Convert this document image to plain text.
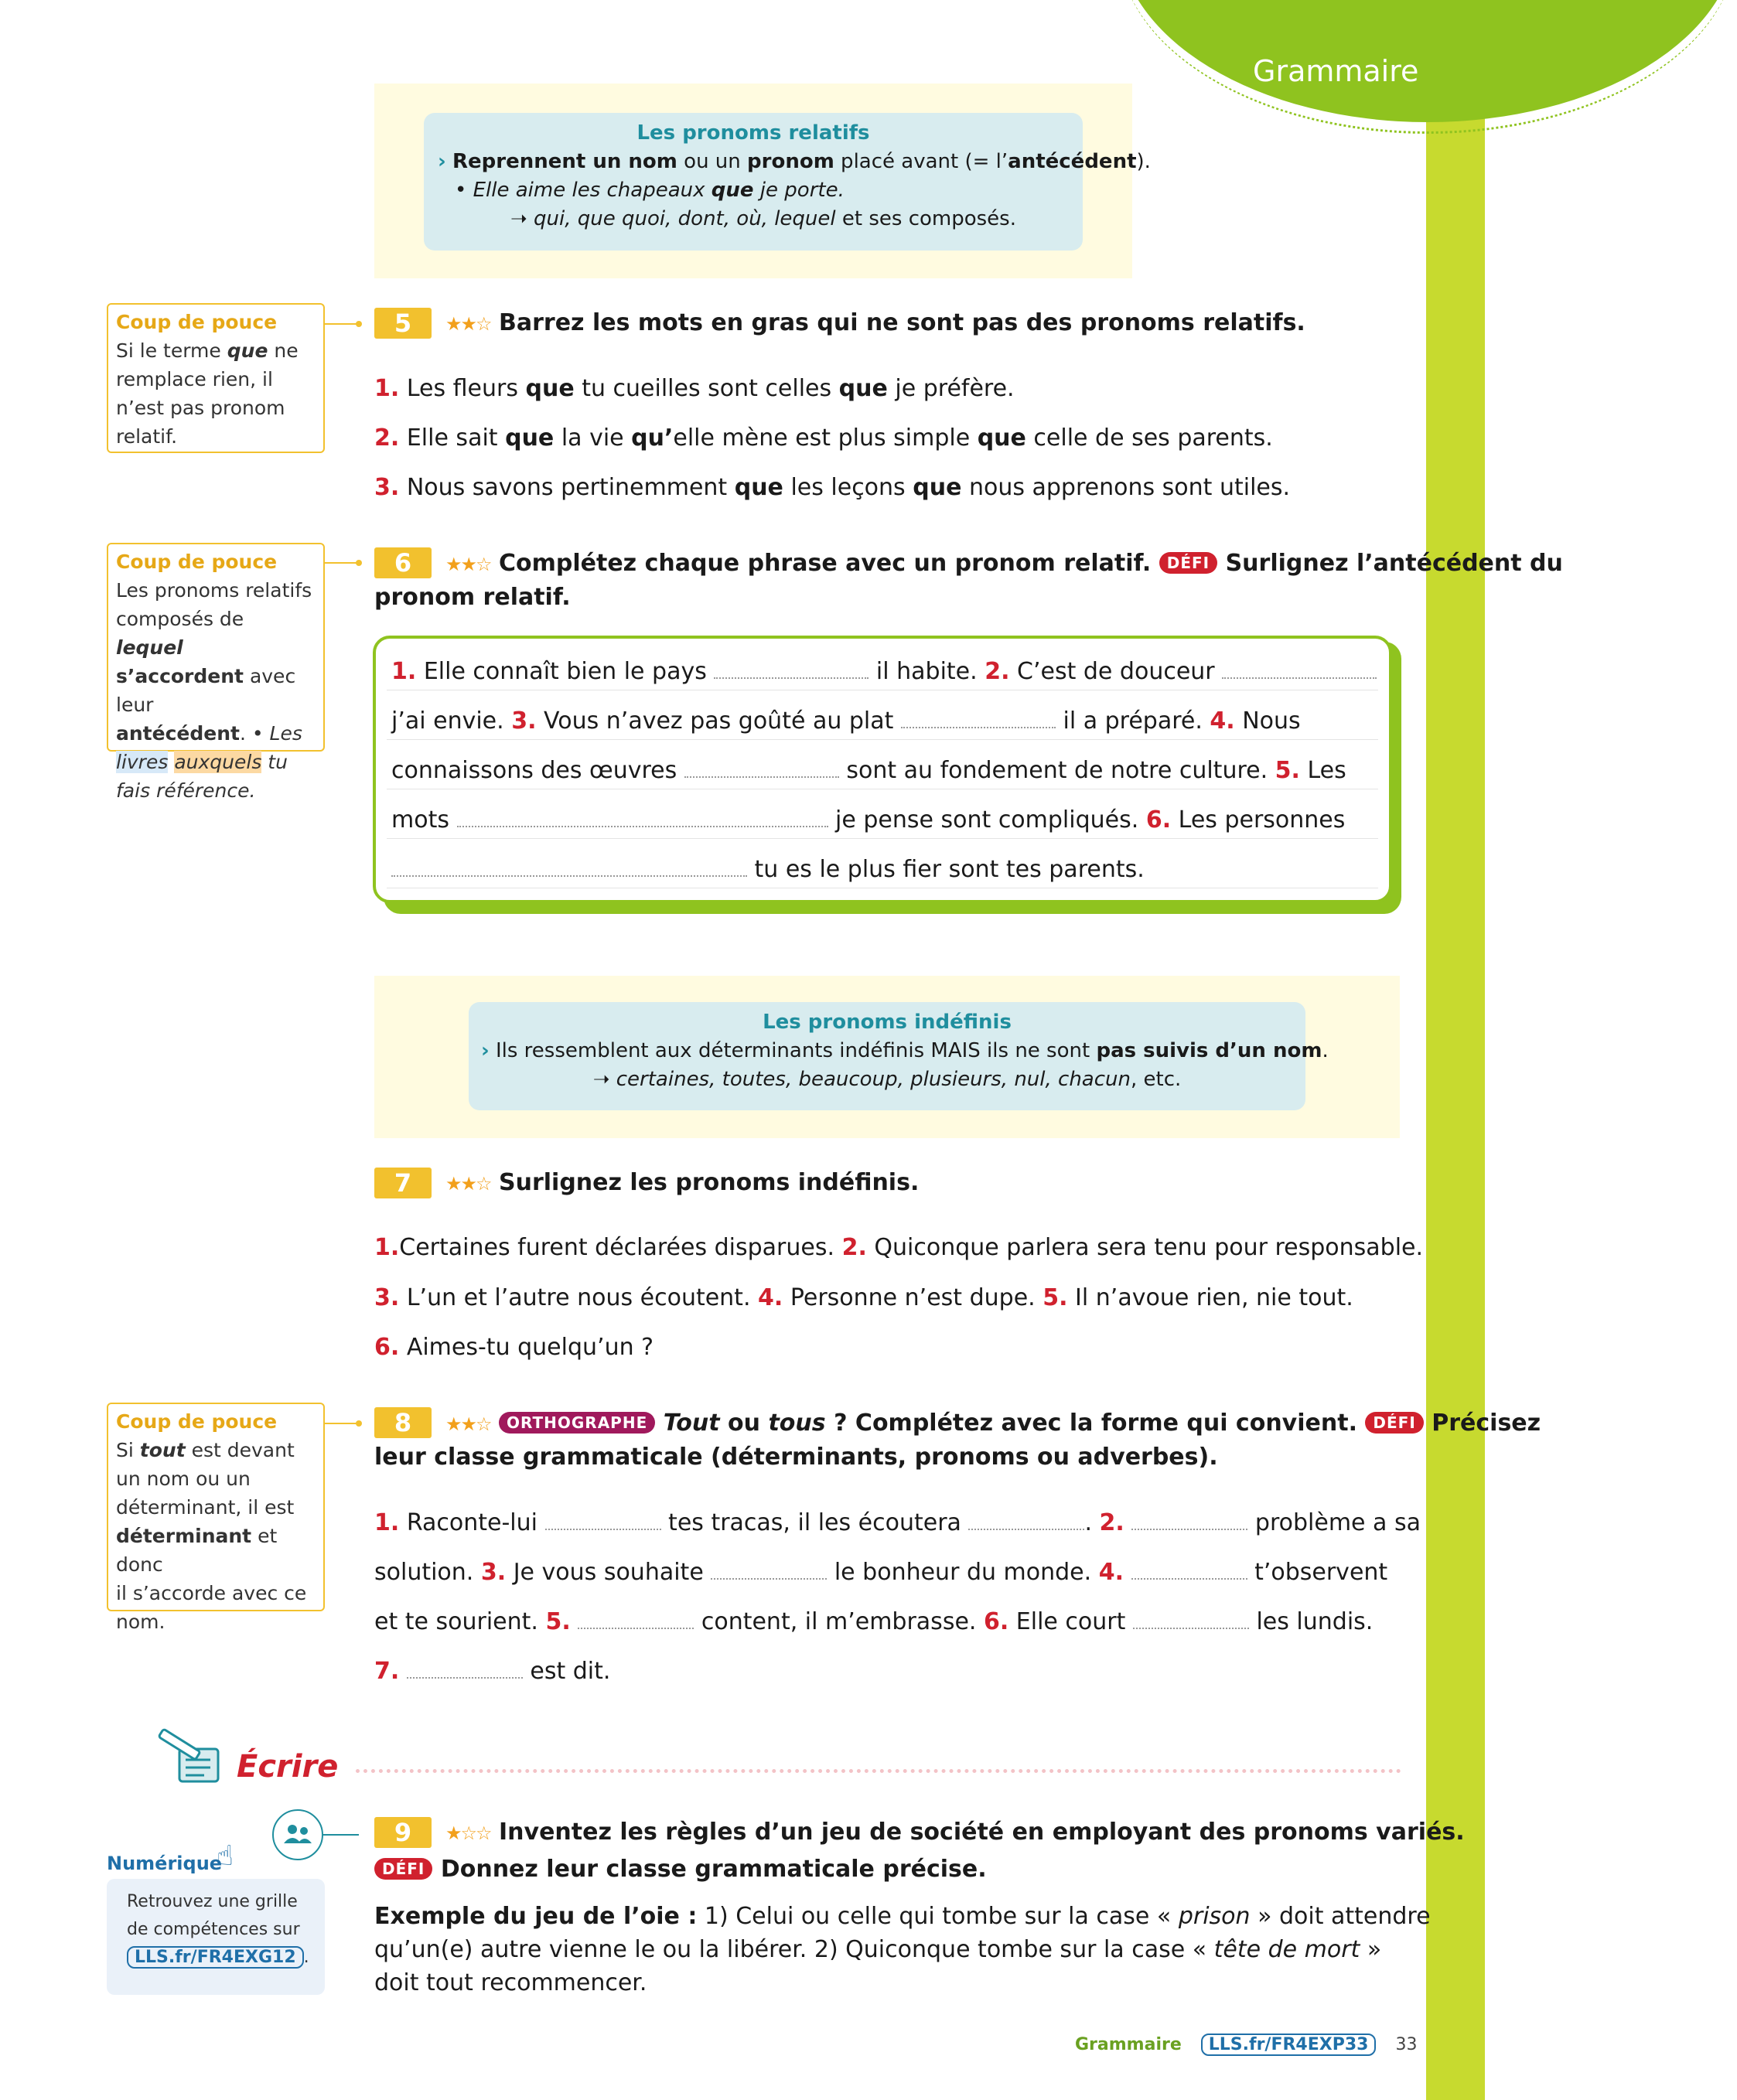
Grammaire
Les pronoms relatifs
› Reprennent un nom ou un pronom placé avant (= l’antécédent).
• Elle aime les chapeaux que je porte.
➝ qui, que quoi, dont, où, lequel et ses composés.
Coup de pouce
Si le terme que ne
remplace rien, il
n’est pas pronom
relatif.
5	★★☆ Barrez les mots en gras qui ne sont pas des pronoms relatifs.
1. Les fleurs que tu cueilles sont celles que je préfère.
2. Elle sait que la vie qu’elle mène est plus simple que celle de ses parents.
3. Nous savons pertinemment que les leçons que nous apprenons sont utiles.
Coup de pouce
Les pronoms relatifs
composés de lequel
s’accordent avec leur
antécédent. • Les
livres auxquels tu
fais référence.
6	★★☆ Complétez chaque phrase avec un pronom relatif. DÉFI Surlignez l’antécédent du
pronom relatif.
1. Elle connaît bien le pays	il habite. 2. C’est de douceur
j’ai envie. 3. Vous n’avez pas goûté au plat	il a préparé. 4. Nous
connaissons des œuvres	sont au fondement de notre culture. 5. Les
mots	je pense sont compliqués. 6. Les personnes
tu es le plus fier sont tes parents.
Les pronoms indéfinis
› Ils ressemblent aux déterminants indéfinis MAIS ils ne sont pas suivis d’un nom.
➝ certaines, toutes, beaucoup, plusieurs, nul, chacun, etc.
7	★★☆ Surlignez les pronoms indéfinis.
1.Certaines furent déclarées disparues. 2. Quiconque parlera sera tenu pour responsable.
3. L’un et l’autre nous écoutent. 4. Personne n’est dupe. 5. Il n’avoue rien, nie tout.
6. Aimes-tu quelqu’un ?
Coup de pouce
Si tout est devant
un nom ou un
déterminant, il est
déterminant et donc
il s’accorde avec ce
nom.
8	★★☆ ORTHOGRAPHE Tout ou tous ? Complétez avec la forme qui convient. DÉFI Précisez
leur classe grammaticale (déterminants, pronoms ou adverbes).
1. Raconte-lui	tes tracas, il les écoutera	. 2.	problème a sa
solution. 3. Je vous souhaite	le bonheur du monde. 4.	t’observent
et te sourient. 5.	content, il m’embrasse. 6. Elle court	les lundis.
7.	est dit.
Écrire
Numérique
☝
Retrouvez une grille
de compétences sur
LLS.fr/FR4EXG12 .
9	★☆☆ Inventez les règles d’un jeu de société en employant des pronoms variés.
DÉFI Donnez leur classe grammaticale précise.
Exemple du jeu de l’oie : 1) Celui ou celle qui tombe sur la case « prison » doit attendre
qu’un(e) autre vienne le ou la libérer. 2) Quiconque tombe sur la case « tête de mort »
doit tout recommencer.
Grammaire LLS.fr/FR4EXP33 33
